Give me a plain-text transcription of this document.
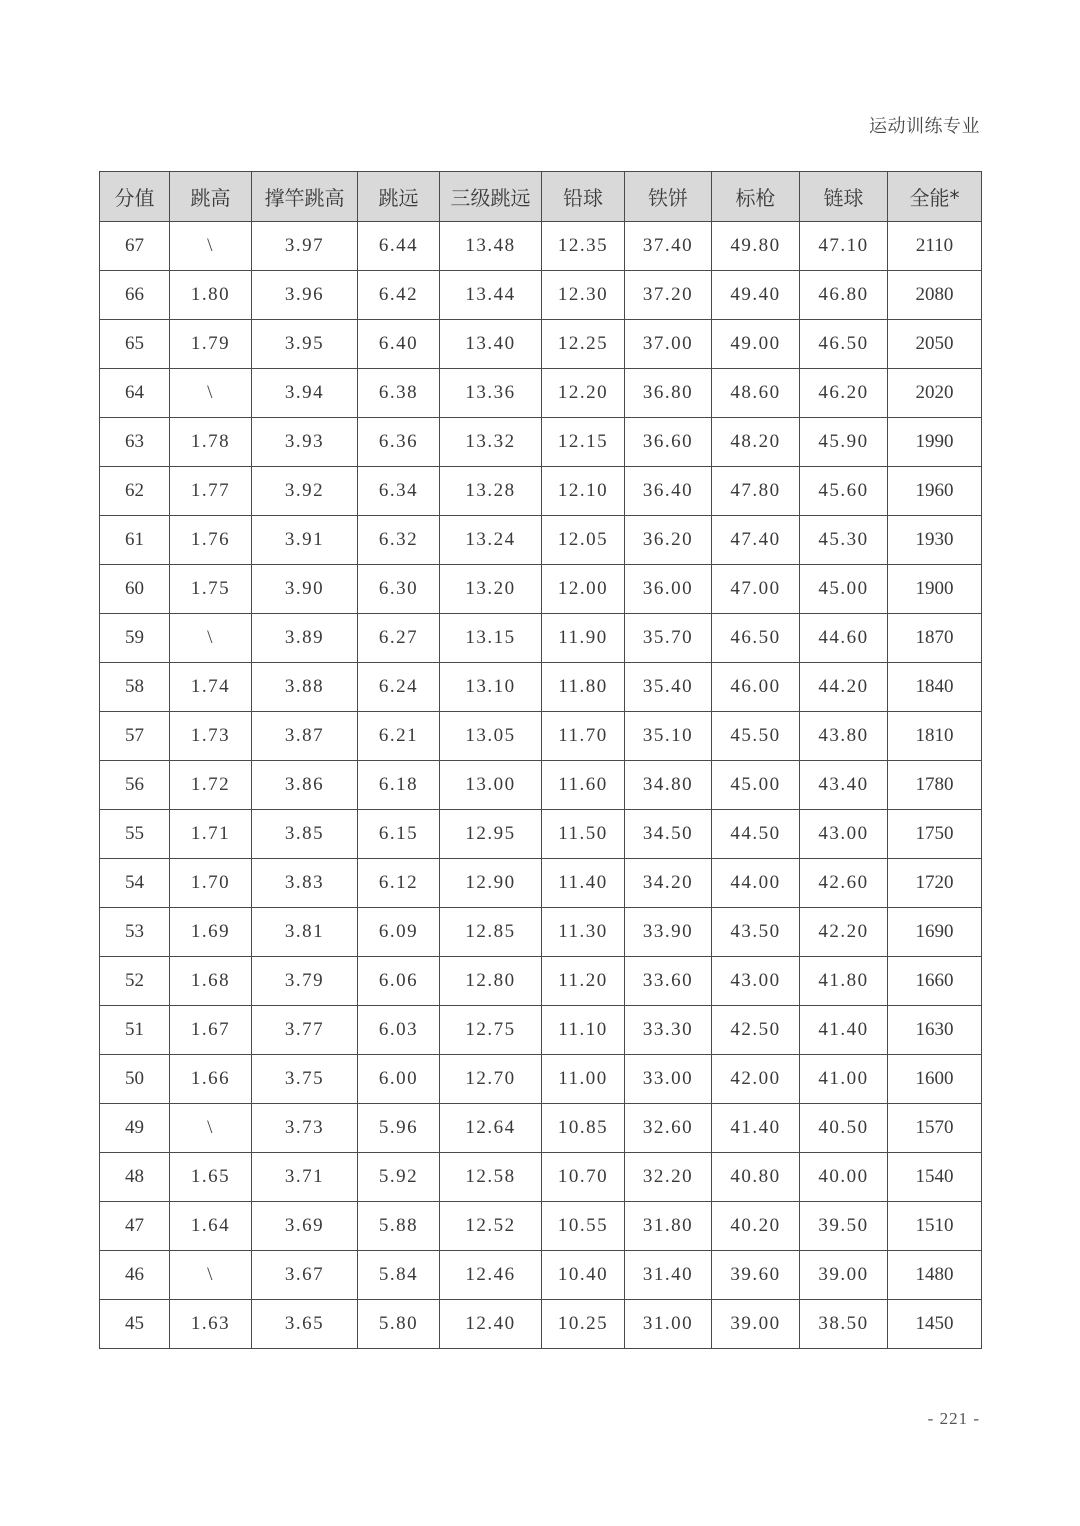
运动训练专业
分值	跳高	撑竿跳高	跳远	三级跳远	铅球	铁饼	标枪	链球	全能*
67	\	3.97	6.44	13.48	12.35	37.40	49.80	47.10	2110
66	1.80	3.96	6.42	13.44	12.30	37.20	49.40	46.80	2080
65	1.79	3.95	6.40	13.40	12.25	37.00	49.00	46.50	2050
64	\	3.94	6.38	13.36	12.20	36.80	48.60	46.20	2020
63	1.78	3.93	6.36	13.32	12.15	36.60	48.20	45.90	1990
62	1.77	3.92	6.34	13.28	12.10	36.40	47.80	45.60	1960
61	1.76	3.91	6.32	13.24	12.05	36.20	47.40	45.30	1930
60	1.75	3.90	6.30	13.20	12.00	36.00	47.00	45.00	1900
59	\	3.89	6.27	13.15	11.90	35.70	46.50	44.60	1870
58	1.74	3.88	6.24	13.10	11.80	35.40	46.00	44.20	1840
57	1.73	3.87	6.21	13.05	11.70	35.10	45.50	43.80	1810
56	1.72	3.86	6.18	13.00	11.60	34.80	45.00	43.40	1780
55	1.71	3.85	6.15	12.95	11.50	34.50	44.50	43.00	1750
54	1.70	3.83	6.12	12.90	11.40	34.20	44.00	42.60	1720
53	1.69	3.81	6.09	12.85	11.30	33.90	43.50	42.20	1690
52	1.68	3.79	6.06	12.80	11.20	33.60	43.00	41.80	1660
51	1.67	3.77	6.03	12.75	11.10	33.30	42.50	41.40	1630
50	1.66	3.75	6.00	12.70	11.00	33.00	42.00	41.00	1600
49	\	3.73	5.96	12.64	10.85	32.60	41.40	40.50	1570
48	1.65	3.71	5.92	12.58	10.70	32.20	40.80	40.00	1540
47	1.64	3.69	5.88	12.52	10.55	31.80	40.20	39.50	1510
46	\	3.67	5.84	12.46	10.40	31.40	39.60	39.00	1480
45	1.63	3.65	5.80	12.40	10.25	31.00	39.00	38.50	1450
- 221 -
